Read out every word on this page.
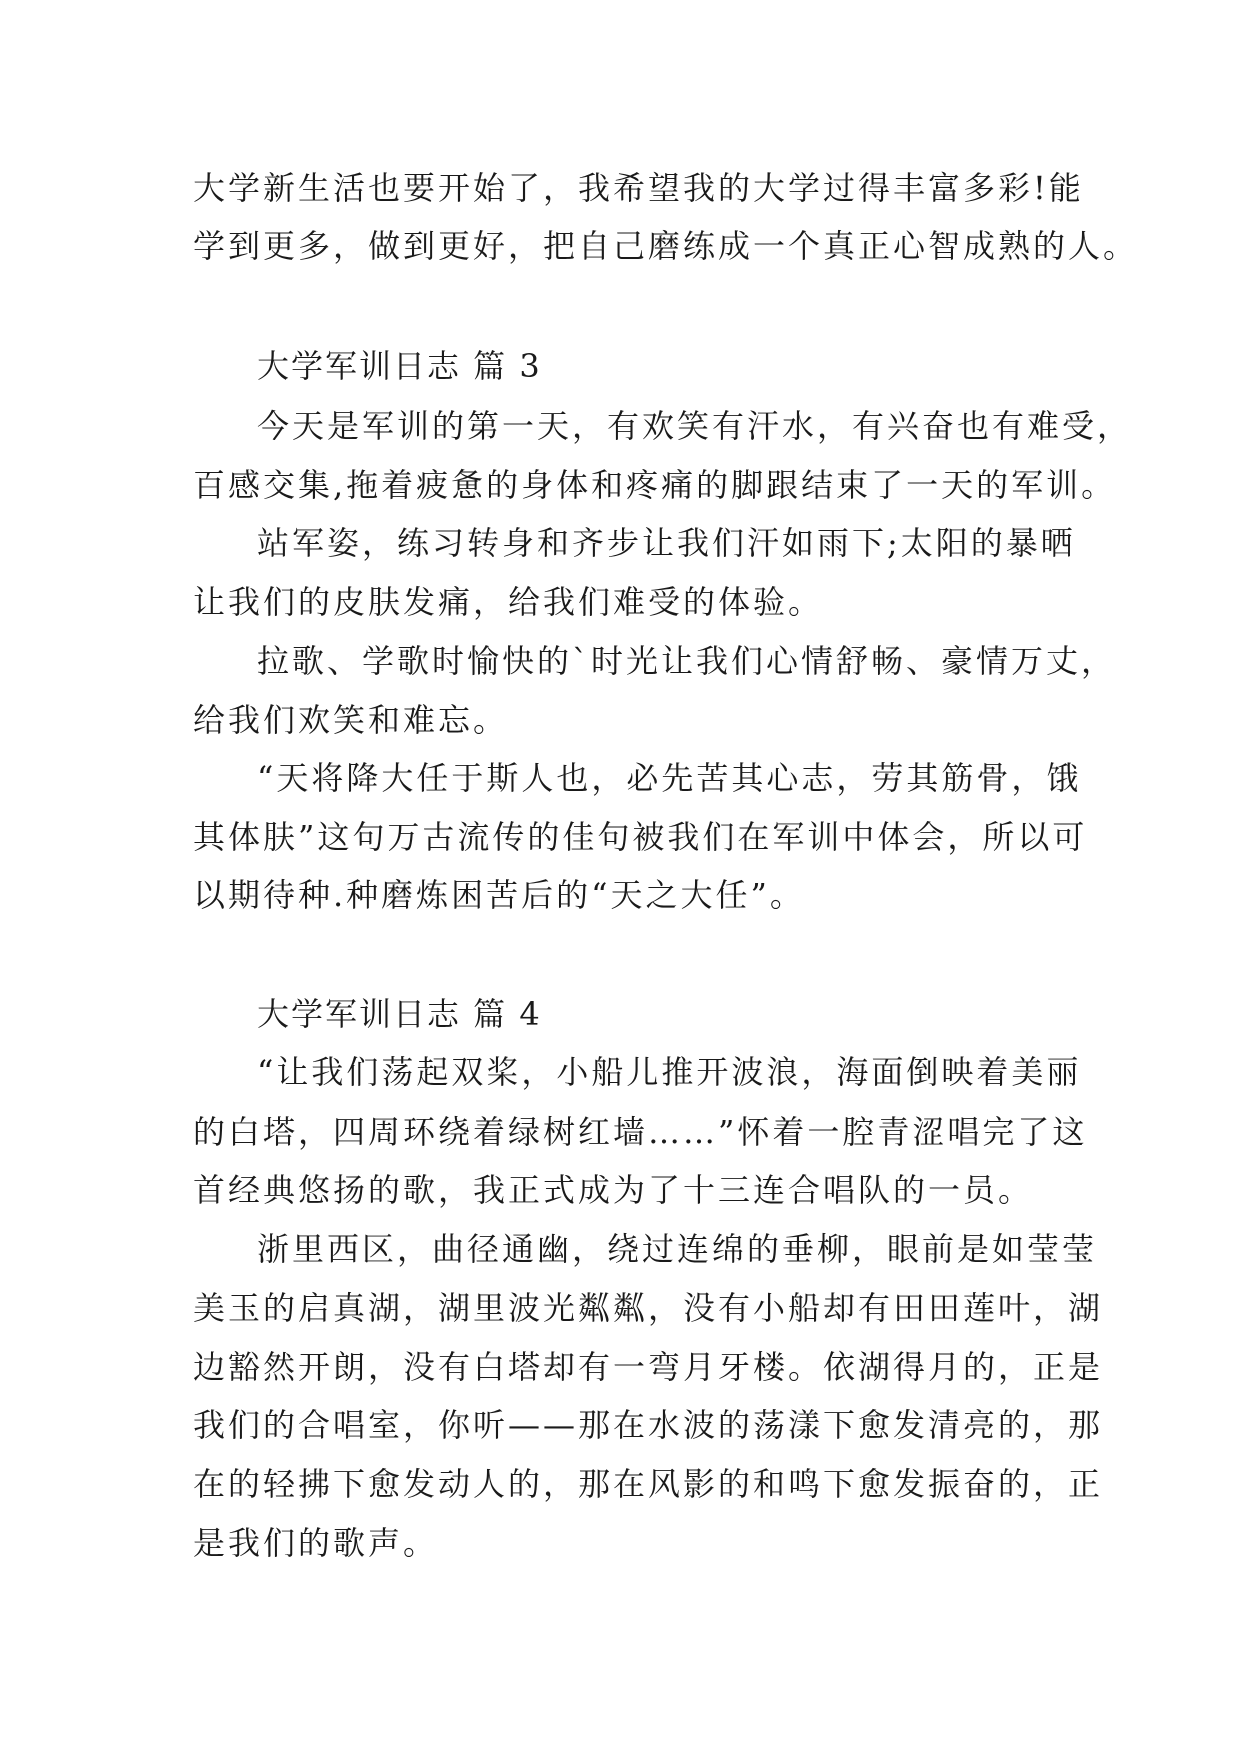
大学新生活也要开始了，我希望我的大学过得丰富多彩!能
学到更多，做到更好，把自己磨练成一个真正心智成熟的人。
大学军训日志 篇 3
今天是军训的第一天，有欢笑有汗水，有兴奋也有难受，
百感交集,拖着疲惫的身体和疼痛的脚跟结束了一天的军训。
站军姿，练习转身和齐步让我们汗如雨下;太阳的暴晒
让我们的皮肤发痛，给我们难受的体验。
拉歌、学歌时愉快的`时光让我们心情舒畅、豪情万丈，
给我们欢笑和难忘。
“天将降大任于斯人也，必先苦其心志，劳其筋骨，饿
其体肤”这句万古流传的佳句被我们在军训中体会，所以可
以期待种.种磨炼困苦后的“天之大任”。
大学军训日志 篇 4
“让我们荡起双桨，小船儿推开波浪，海面倒映着美丽
的白塔，四周环绕着绿树红墙……”怀着一腔青涩唱完了这
首经典悠扬的歌，我正式成为了十三连合唱队的一员。
浙里西区，曲径通幽，绕过连绵的垂柳，眼前是如莹莹
美玉的启真湖，湖里波光粼粼，没有小船却有田田莲叶，湖
边豁然开朗，没有白塔却有一弯月牙楼。依湖得月的，正是
我们的合唱室，你听——那在水波的荡漾下愈发清亮的，那
在的轻拂下愈发动人的，那在风影的和鸣下愈发振奋的，正
是我们的歌声。
